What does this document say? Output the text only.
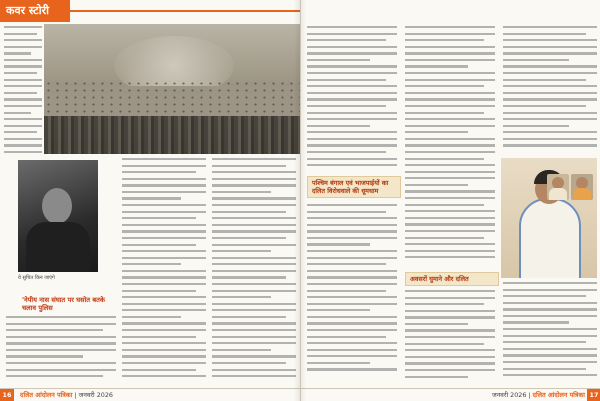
कवर स्टोरी
ये सुचित किन जाएंगे
'नेपीय नास संघात पर घसोत बतके चलाव पुलिस
16 दलित आंदोलन पत्रिका | जनवरी 2026
पश्चिम बंगाल एवं भाजपाईयों का दलित विरोधवाले की धूमधाम
अवसरों घुमाने और दलित
जनवरी 2026 | दलित आंदोलन पत्रिका 17
